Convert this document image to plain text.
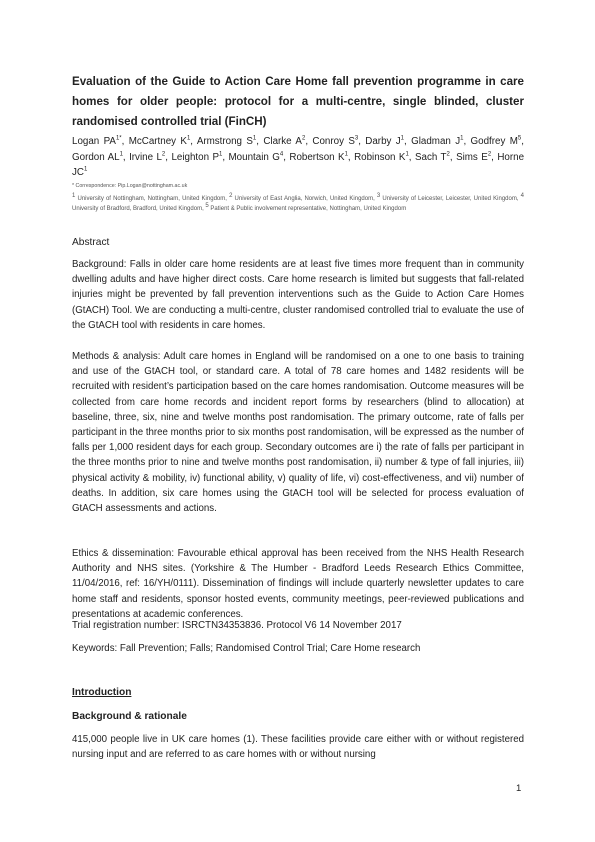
Evaluation of the Guide to Action Care Home fall prevention programme in care homes for older people: protocol for a multi-centre, single blinded, cluster randomised controlled trial (FinCH)

Logan $PA^{1*}$, McCartney $K^1$, Armstrong $S^1$, Clarke $A^2$, Conroy $S^3$, Darby $J^1$, Gladman $J^1$, Godfrey $M^5$, Gordon $AL^1$, Irvine $L^2$, Leighton $P^1$, Mountain $G^4$, Robertson $K^1$, Robinson $K^1$, Sach $T^2$, Sims $E^2$, Horne $JC^1$

* Correspondence: Pip.Logan@nottingham.ac.uk

$^1$ University of Nottingham, Nottingham, United Kingdom, $^2$ University of East Anglia, Norwich, United Kingdom, $^3$ University of Leicester, Leicester, United Kingdom, $^4$ University of Bradford, Bradford, United Kingdom, $^5$ Patient & Public involvement representative, Nottingham, United Kingdom

Abstract

Background: Falls in older care home residents are at least five times more frequent than in community dwelling adults and have higher direct costs. Care home research is limited but suggests that fall-related injuries might be prevented by fall prevention interventions such as the Guide to Action Care Homes (GtACH) Tool. We are conducting a multi-centre, cluster randomised controlled trial to evaluate the use of the GtACH tool with residents in care homes.

Methods & analysis: Adult care homes in England will be randomised on a one to one basis to training and use of the GtACH tool, or standard care. A total of 78 care homes and 1482 residents will be recruited with resident’s participation based on the care homes randomisation. Outcome measures will be collected from care home records and incident report forms by researchers (blind to allocation) at baseline, three, six, nine and twelve months post randomisation. The primary outcome, rate of falls per participant in the three months prior to six months post randomisation, will be expressed as the number of falls per 1,000 resident days for each group. Secondary outcomes are i) the rate of falls per participant in the three months prior to nine and twelve months post randomisation, ii) number & type of fall injuries, iii) physical activity & mobility, iv) functional ability, v) quality of life, vi) cost-effectiveness, and vii) number of deaths. In addition, six care homes using the GtACH tool will be selected for process evaluation of GtACH assessments and actions.

Ethics & dissemination: Favourable ethical approval has been received from the NHS Health Research Authority and NHS sites. (Yorkshire & The Humber - Bradford Leeds Research Ethics Committee, 11/04/2016, ref: 16/YH/0111). Dissemination of findings will include quarterly newsletter updates to care home staff and residents, sponsor hosted events, community meetings, peer-reviewed publications and presentations at academic conferences.

Trial registration number: ISRCTN34353836. Protocol V6 14 November 2017

Keywords: Fall Prevention; Falls; Randomised Control Trial; Care Home research

Introduction

Background & rationale

415,000 people live in UK care homes (1). These facilities provide care either with or without registered nursing input and are referred to as care homes with or without nursing

1
